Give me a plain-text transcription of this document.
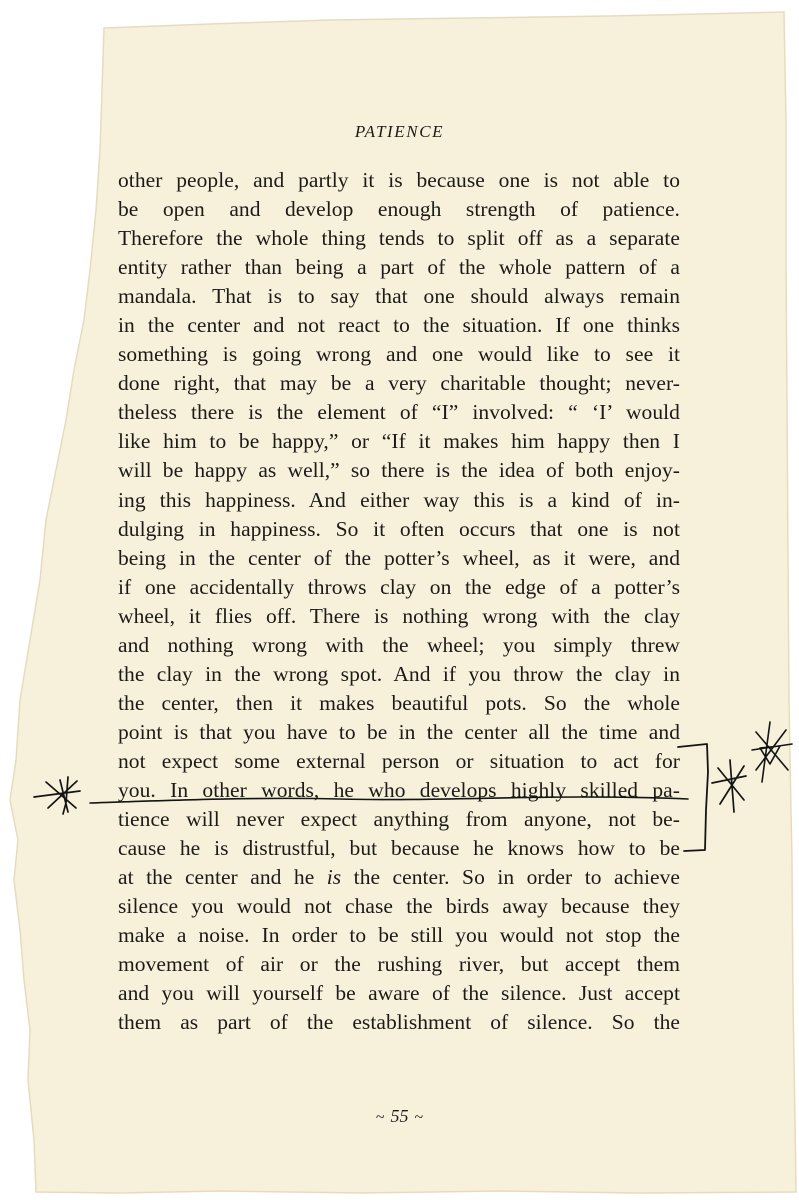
PATIENCE
other people, and partly it is because one is not able to
be open and develop enough strength of patience.
Therefore the whole thing tends to split off as a separate
entity rather than being a part of the whole pattern of a
mandala. That is to say that one should always remain
in the center and not react to the situation. If one thinks
something is going wrong and one would like to see it
done right, that may be a very charitable thought; never-
theless there is the element of “I” involved: “ ‘I’ would
like him to be happy,” or “If it makes him happy then I
will be happy as well,” so there is the idea of both enjoy-
ing this happiness. And either way this is a kind of in-
dulging in happiness. So it often occurs that one is not
being in the center of the potter’s wheel, as it were, and
if one accidentally throws clay on the edge of a potter’s
wheel, it flies off. There is nothing wrong with the clay
and nothing wrong with the wheel; you simply threw
the clay in the wrong spot. And if you throw the clay in
the center, then it makes beautiful pots. So the whole
point is that you have to be in the center all the time and
not expect some external person or situation to act for
you. In other words, he who develops highly skilled pa-
tience will never expect anything from anyone, not be-
cause he is distrustful, but because he knows how to be
at the center and he is the center. So in order to achieve
silence you would not chase the birds away because they
make a noise. In order to be still you would not stop the
movement of air or the rushing river, but accept them
and you will yourself be aware of the silence. Just accept
them as part of the establishment of silence. So the
~ 55 ~
